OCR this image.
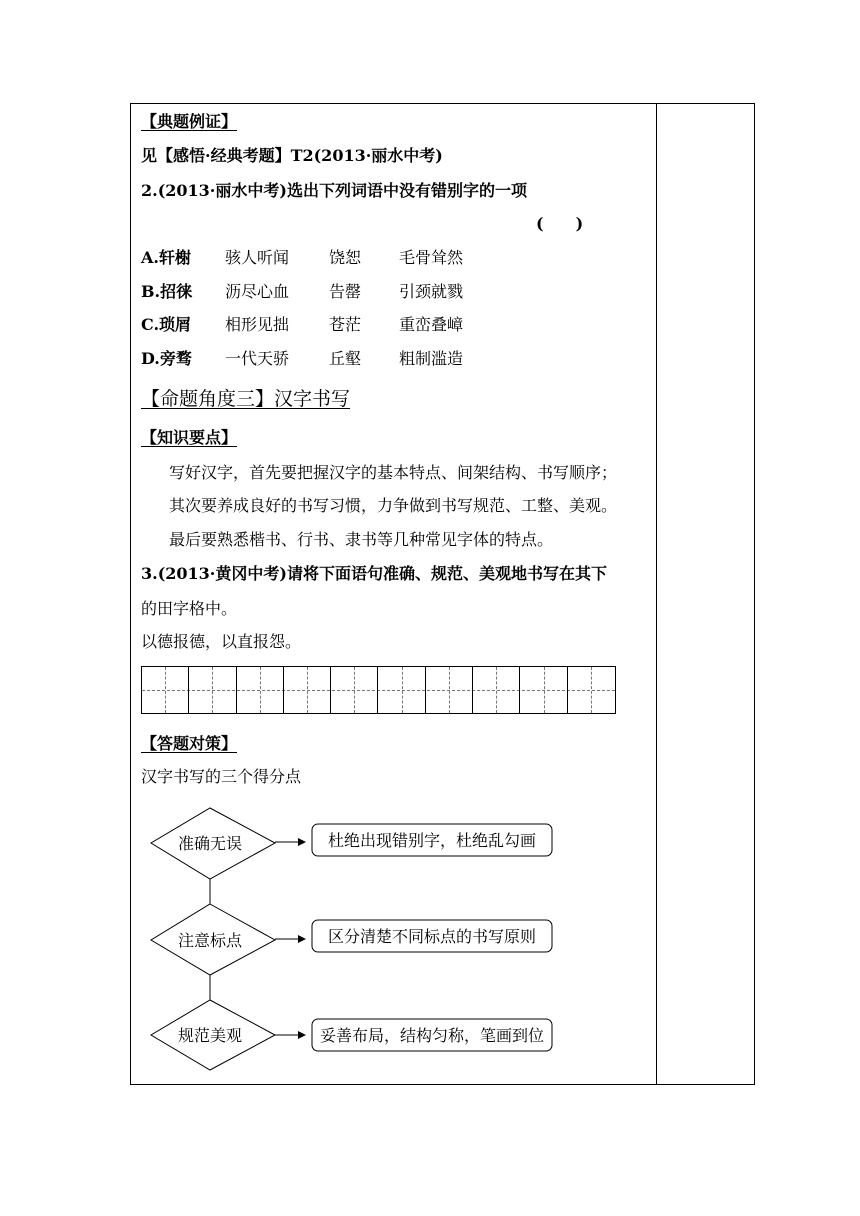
【典题例证】
见【感悟·经典考题】T2(2013·丽水中考)
2.(2013·丽水中考)选出下列词语中没有错别字的一项
(　　)
A.轩榭 骇人听闻 饶恕 毛骨耸然
B.招徕 沥尽心血 告罄 引颈就戮
C.琐屑 相形见拙 苍茫 重峦叠嶂
D.旁骛 一代天骄 丘壑 粗制滥造
【命题角度三】汉字书写
【知识要点】
写好汉字，首先要把握汉字的基本特点、间架结构、书写顺序；
其次要养成良好的书写习惯，力争做到书写规范、工整、美观。
最后要熟悉楷书、行书、隶书等几种常见字体的特点。
3.(2013·黄冈中考)请将下面语句准确、规范、美观地书写在其下
的田字格中。
以德报德，以直报怨。
【答题对策】
汉字书写的三个得分点
准确无误	杜绝出现错别字，杜绝乱勾画
注意标点	区分清楚不同标点的书写原则
规范美观	妥善布局，结构匀称，笔画到位
